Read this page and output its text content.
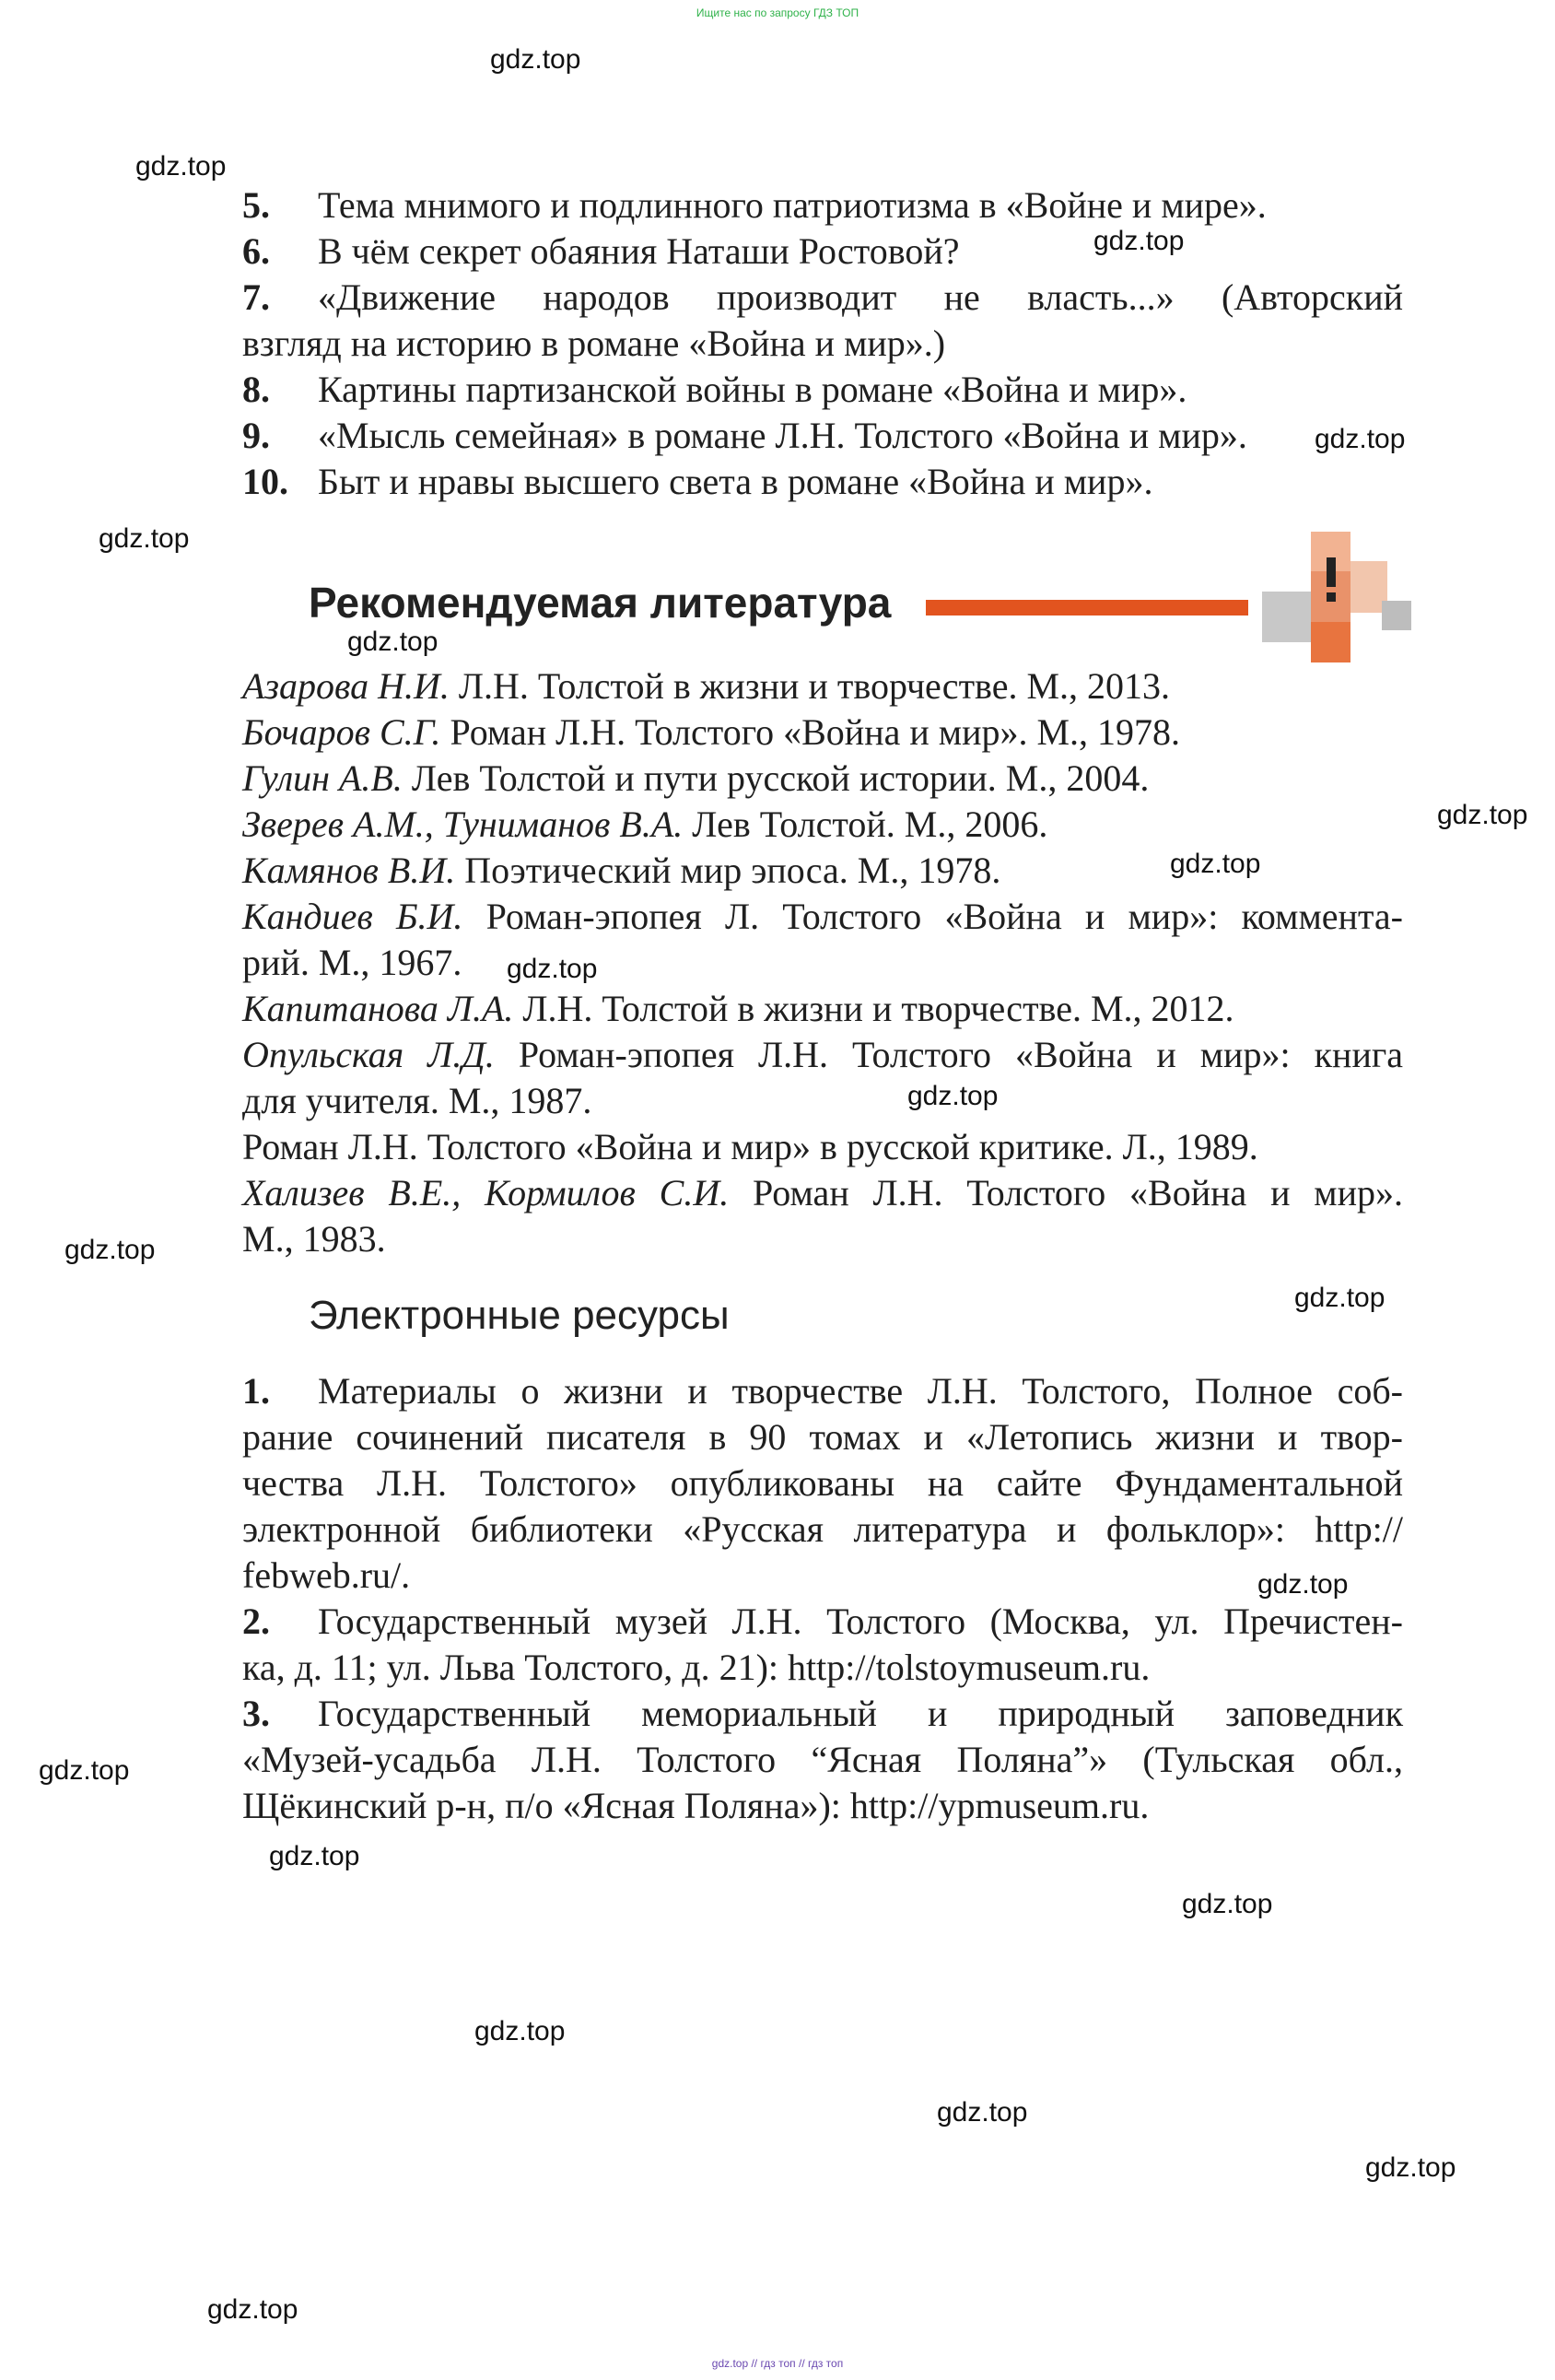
Ищите нас по запросу ГДЗ ТОП
gdz.top // гдз топ // гдз топ
gdz.top
gdz.top
gdz.top
gdz.top
gdz.top
gdz.top
gdz.top
gdz.top
gdz.top
gdz.top
gdz.top
gdz.top
gdz.top
gdz.top
gdz.top
gdz.top
gdz.top
gdz.top
gdz.top
gdz.top
5. Тема мнимого и подлинного патриотизма в «Войне и мире».
6. В чём секрет обаяния Наташи Ростовой?
7. «Движение народов производит не власть...» (Авторский
взгляд на историю в романе «Война и мир».)
8. Картины партизанской войны в романе «Война и мир».
9. «Мысль семейная» в романе Л.Н. Толстого «Война и мир».
10. Быт и нравы высшего света в романе «Война и мир».
Рекомендуемая литература
Азарова Н.И. Л.Н. Толстой в жизни и творчестве. М., 2013.
Бочаров С.Г. Роман Л.Н. Толстого «Война и мир». М., 1978.
Гулин А.В. Лев Толстой и пути русской истории. М., 2004.
Зверев А.М., Туниманов В.А. Лев Толстой. М., 2006.
Камянов В.И. Поэтический мир эпоса. М., 1978.
Кандиев Б.И. Роман-эпопея Л. Толстого «Война и мир»: коммента-
рий. М., 1967.
Капитанова Л.А. Л.Н. Толстой в жизни и творчестве. М., 2012.
Опульская Л.Д. Роман-эпопея Л.Н. Толстого «Война и мир»: книга
для учителя. М., 1987.
Роман Л.Н. Толстого «Война и мир» в русской критике. Л., 1989.
Хализев В.Е., Кормилов С.И. Роман Л.Н. Толстого «Война и мир».
М., 1983.
Электронные ресурсы
1. Материалы о жизни и творчестве Л.Н. Толстого, Полное соб-
рание сочинений писателя в 90 томах и «Летопись жизни и твор-
чества Л.Н. Толстого» опубликованы на сайте Фундаментальной
электронной библиотеки «Русская литература и фольклор»: http://
febweb.ru/.
2. Государственный музей Л.Н. Толстого (Москва, ул. Пречистен-
ка, д. 11; ул. Льва Толстого, д. 21): http://tolstoymuseum.ru.
3. Государственный мемориальный и природный заповедник
«Музей-усадьба Л.Н. Толстого “Ясная Поляна”» (Тульская обл.,
Щёкинский р-н, п/о «Ясная Поляна»): http://ypmuseum.ru.
